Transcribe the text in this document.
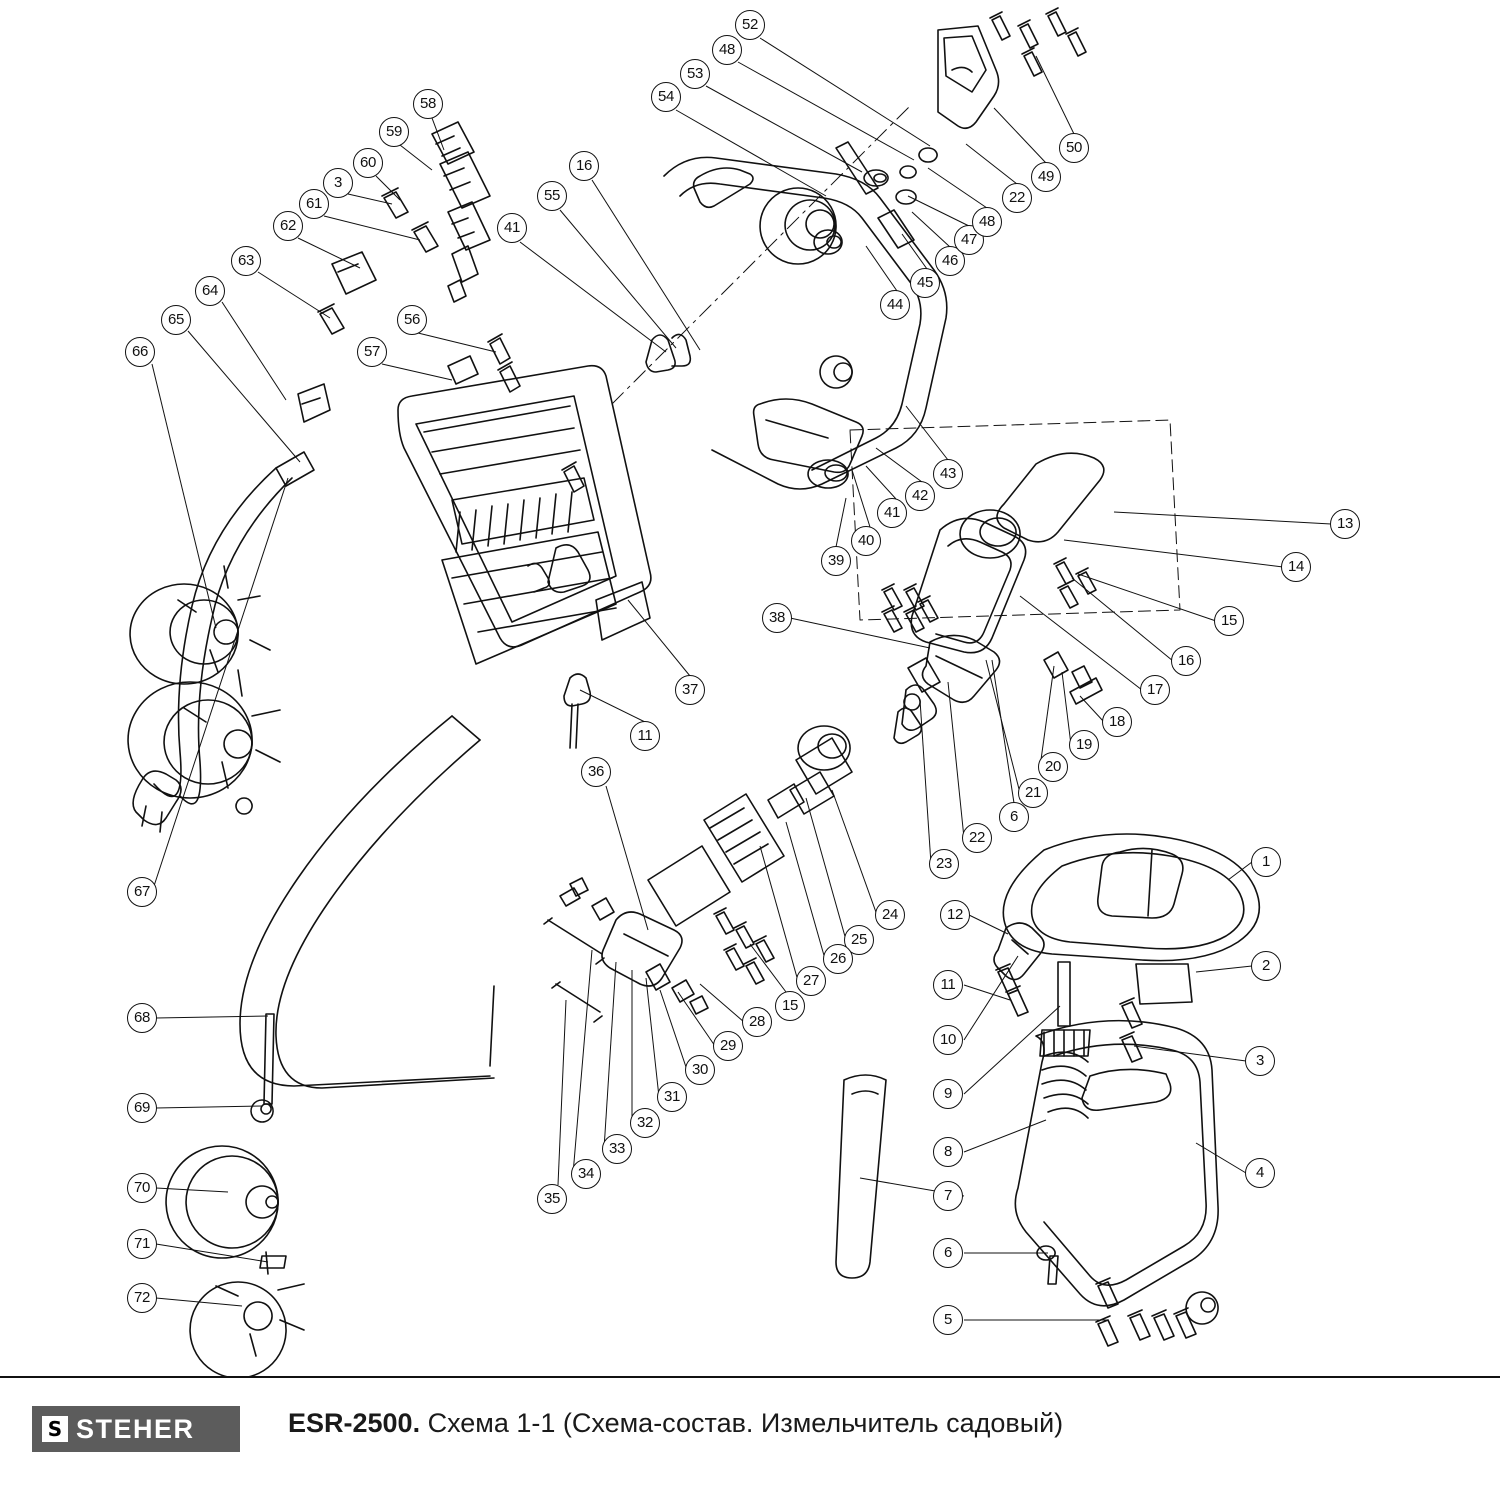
1
2
3
4
5
6
7
8
9
10
11
12
13
14
15
16
17
18
19
20
21
22
23
24
25
26
27
28
29
30
31
32
33
34
35
36
37
38
39
40
41
42
43
44
45
46
47
48
22
49
50
52
48
53
54
16
55
41
58
59
60
3
61
62
63
64
65
66
56
57
67
68
69
70
71
72
11
15
6
S STEHER	ESR-2500. Схема 1-1 (Схема-состав. Измельчитель садовый)
